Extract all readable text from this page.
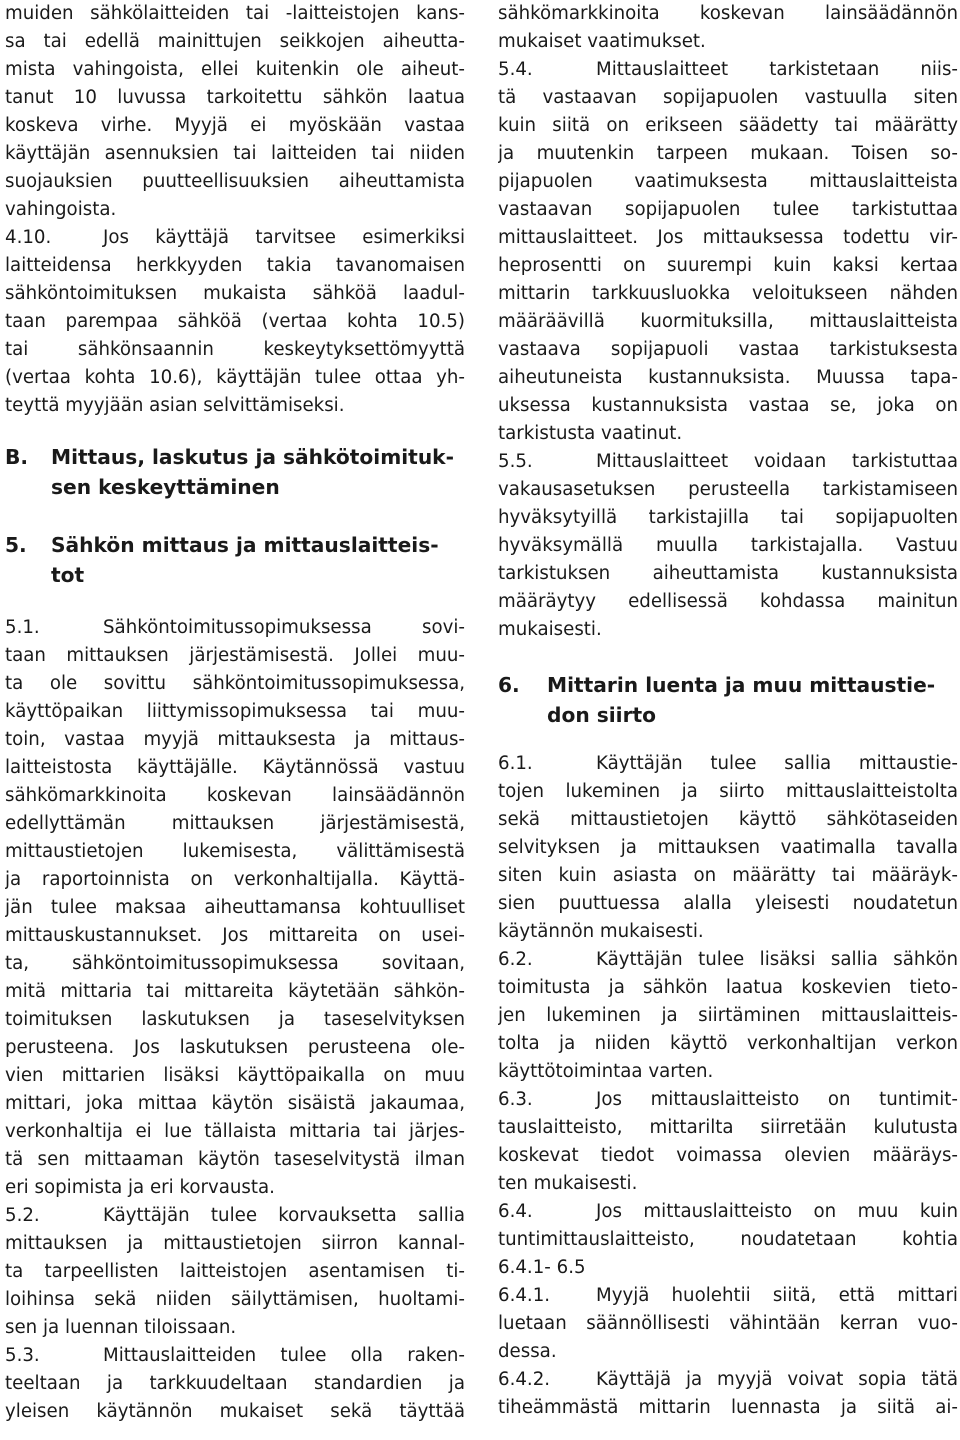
muiden sähkölaitteiden tai -laitteistojen kans-
sa tai edellä mainittujen seikkojen aiheutta-
mista vahingoista, ellei kuitenkin ole aiheut-
tanut 10 luvussa tarkoitettu sähkön laatua
koskeva virhe. Myyjä ei myöskään vastaa
käyttäjän asennuksien tai laitteiden tai niiden
suojauksien puutteellisuuksien aiheuttamista
vahingoista.
4.10.	Jos käyttäjä tarvitsee esimerkiksi
laitteidensa herkkyyden takia tavanomaisen
sähköntoimituksen mukaista sähköä laadul-
taan parempaa sähköä (vertaa kohta 10.5)
tai sähkönsaannin keskeytyksettömyyttä
(vertaa kohta 10.6), käyttäjän tulee ottaa yh-
teyttä myyjään asian selvittämiseksi.
B. Mittaus, laskutus ja sähkötoimituk-
sen keskeyttäminen
5. Sähkön mittaus ja mittauslaitteis-
tot
5.1.	Sähköntoimitussopimuksessa sovi-
taan mittauksen järjestämisestä. Jollei muu-
ta ole sovittu sähköntoimitussopimuksessa,
käyttöpaikan liittymissopimuksessa tai muu-
toin, vastaa myyjä mittauksesta ja mittaus-
laitteistosta käyttäjälle. Käytännössä vastuu
sähkömarkkinoita koskevan lainsäädännön
edellyttämän mittauksen järjestämisestä,
mittaustietojen lukemisesta, välittämisestä
ja raportoinnista on verkonhaltijalla. Käyttä-
jän tulee maksaa aiheuttamansa kohtuulliset
mittauskustannukset. Jos mittareita on usei-
ta, sähköntoimitussopimuksessa sovitaan,
mitä mittaria tai mittareita käytetään sähkön-
toimituksen laskutuksen ja taseselvityksen
perusteena. Jos laskutuksen perusteena ole-
vien mittarien lisäksi käyttöpaikalla on muu
mittari, joka mittaa käytön sisäistä jakaumaa,
verkonhaltija ei lue tällaista mittaria tai järjes-
tä sen mittaaman käytön taseselvitystä ilman
eri sopimista ja eri korvausta.
5.2.	Käyttäjän tulee korvauksetta sallia
mittauksen ja mittaustietojen siirron kannal-
ta tarpeellisten laitteistojen asentamisen ti-
loihinsa sekä niiden säilyttämisen, huoltami-
sen ja luennan tiloissaan.
5.3.	Mittauslaitteiden tulee olla raken-
teeltaan ja tarkkuudeltaan standardien ja
yleisen käytännön mukaiset sekä täyttää
sähkömarkkinoita koskevan lainsäädännön
mukaiset vaatimukset.
5.4.	Mittauslaitteet tarkistetaan niis-
tä vastaavan sopijapuolen vastuulla siten
kuin siitä on erikseen säädetty tai määrätty
ja muutenkin tarpeen mukaan. Toisen so-
pijapuolen vaatimuksesta mittauslaitteista
vastaavan sopijapuolen tulee tarkistuttaa
mittauslaitteet. Jos mittauksessa todettu vir-
heprosentti on suurempi kuin kaksi kertaa
mittarin tarkkuusluokka veloitukseen nähden
määräävillä kuormituksilla, mittauslaitteista
vastaava sopijapuoli vastaa tarkistuksesta
aiheutuneista kustannuksista. Muussa tapa-
uksessa kustannuksista vastaa se, joka on
tarkistusta vaatinut.
5.5.	Mittauslaitteet voidaan tarkistuttaa
vakausasetuksen perusteella tarkistamiseen
hyväksytyillä tarkistajilla tai sopijapuolten
hyväksymällä muulla tarkistajalla. Vastuu
tarkistuksen aiheuttamista kustannuksista
määräytyy edellisessä kohdassa mainitun
mukaisesti.
6. Mittarin luenta ja muu mittaustie-
don siirto
6.1.	Käyttäjän tulee sallia mittaustie-
tojen lukeminen ja siirto mittauslaitteistolta
sekä mittaustietojen käyttö sähkötaseiden
selvityksen ja mittauksen vaatimalla tavalla
siten kuin asiasta on määrätty tai määräyk-
sien puuttuessa alalla yleisesti noudatetun
käytännön mukaisesti.
6.2.	Käyttäjän tulee lisäksi sallia sähkön
toimitusta ja sähkön laatua koskevien tieto-
jen lukeminen ja siirtäminen mittauslaitteis-
tolta ja niiden käyttö verkonhaltijan verkon
käyttötoimintaa varten.
6.3.	Jos mittauslaitteisto on tuntimit-
tauslaitteisto, mittarilta siirretään kulutusta
koskevat tiedot voimassa olevien määräys-
ten mukaisesti.
6.4.	Jos mittauslaitteisto on muu kuin
tuntimittauslaitteisto, noudatetaan kohtia
6.4.1- 6.5
6.4.1.	Myyjä huolehtii siitä, että mittari
luetaan säännöllisesti vähintään kerran vuo-
dessa.
6.4.2.	Käyttäjä ja myyjä voivat sopia tätä
tiheämmästä mittarin luennasta ja siitä ai-
